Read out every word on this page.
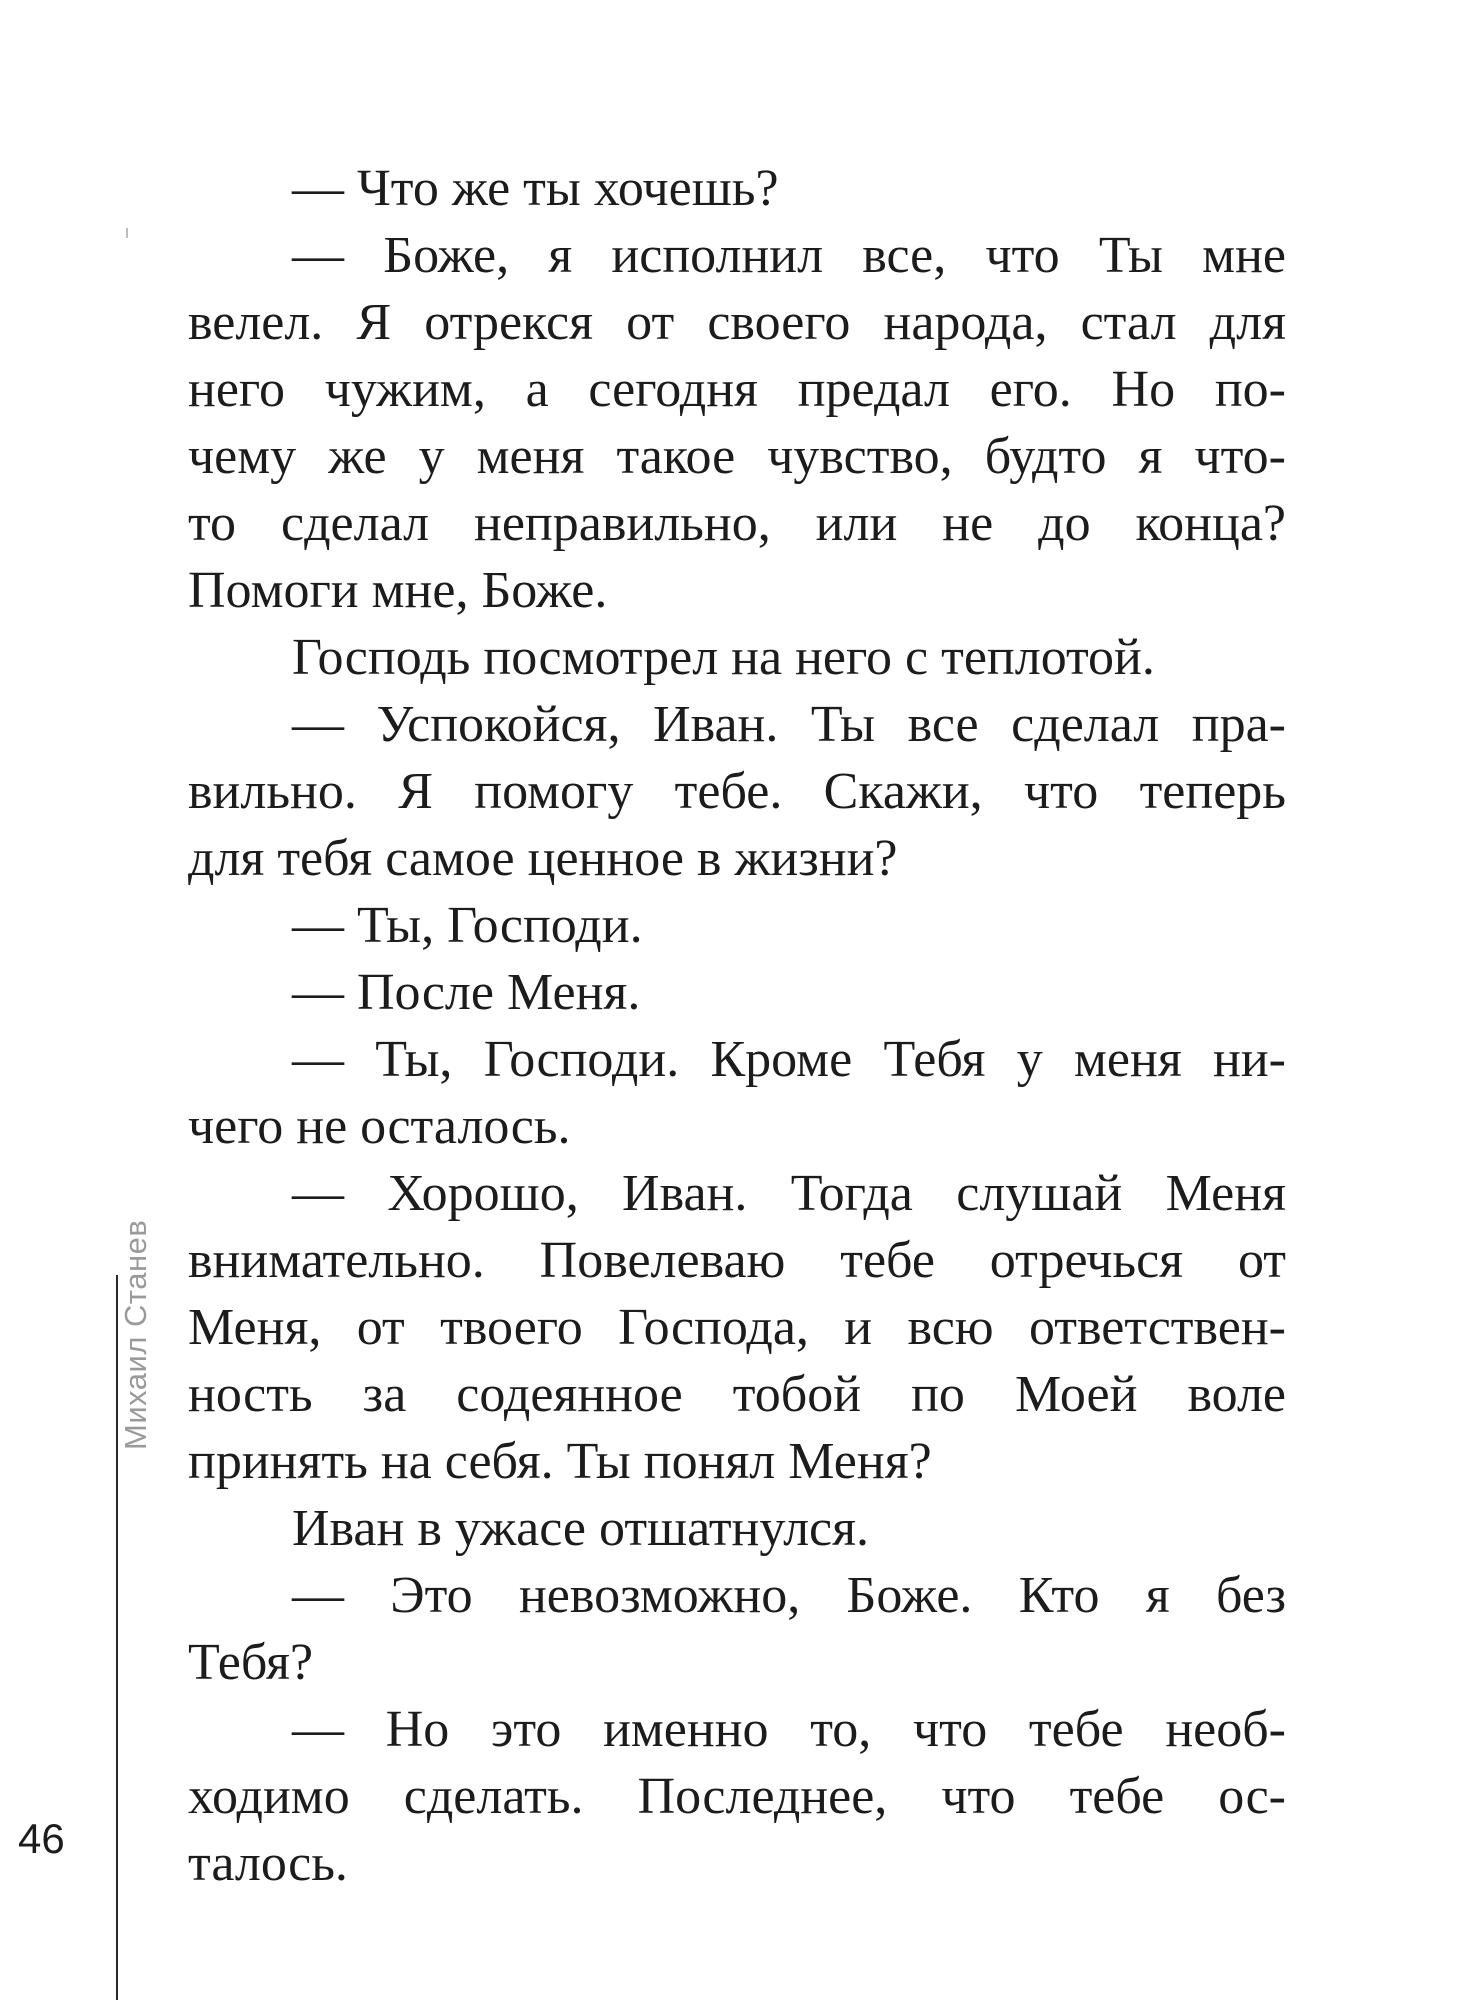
— Что же ты хочешь?
— Боже, я исполнил все, что Ты мне
велел. Я отрекся от своего народа, стал для
него чужим, а сегодня предал его. Но по-
чему же у меня такое чувство, будто я что-
то сделал неправильно, или не до конца?
Помоги мне, Боже.
Господь посмотрел на него с теплотой.
— Успокойся, Иван. Ты все сделал пра-
вильно. Я помогу тебе. Скажи, что теперь
для тебя самое ценное в жизни?
— Ты, Господи.
— После Меня.
— Ты, Господи. Кроме Тебя у меня ни-
чего не осталось.
— Хорошо, Иван. Тогда слушай Меня
внимательно. Повелеваю тебе отречься от
Меня, от твоего Господа, и всю ответствен-
ность за содеянное тобой по Моей воле
принять на себя. Ты понял Меня?
Иван в ужасе отшатнулся.
— Это невозможно, Боже. Кто я без
Тебя?
— Но это именно то, что тебе необ-
ходимо сделать. Последнее, что тебе ос-
талось.
Михаил Станев
46
